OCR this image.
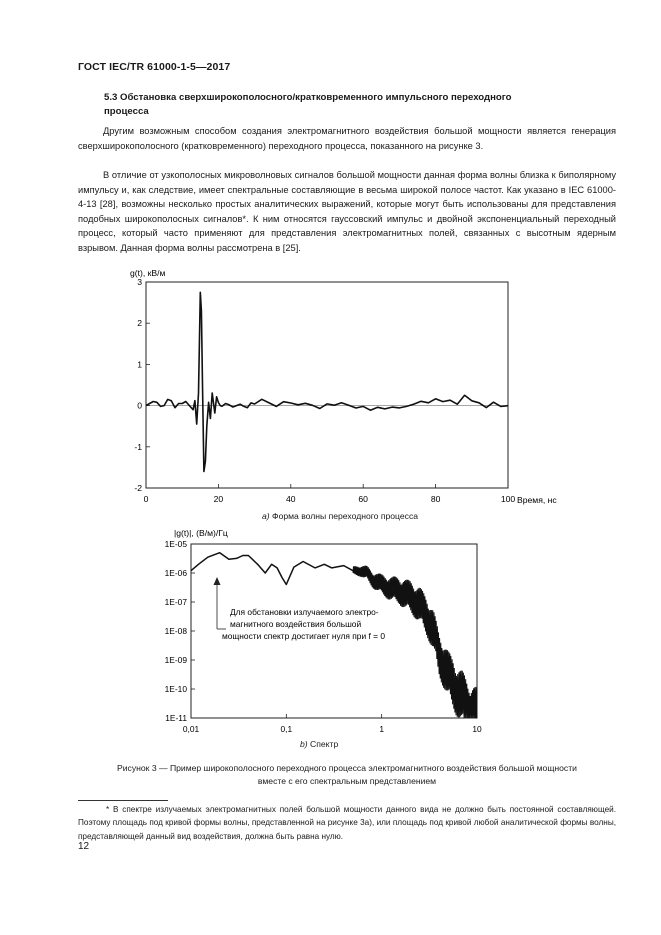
ГОСТ IEC/TR 61000-1-5—2017
5.3 Обстановка сверхширокополосного/кратковременного импульсного переходного
процесса
Другим возможным способом создания электромагнитного воздействия большой мощности является генерация сверхширокополосного (кратковременного) переходного процесса, показанного на рисунке 3.
В отличие от узкополосных микроволновых сигналов большой мощности данная форма волны близка к биполярному импульсу и, как следствие, имеет спектральные составляющие в весьма широкой полосе частот. Как указано в IEC 61000-4-13 [28], возможны несколько простых аналитических выражений, которые могут быть использованы для представления подобных широкополосных сигналов*. К ним относятся гауссовский импульс и двойной экспоненциальный переходный процесс, который часто применяют для представления электромагнитных полей, связанных с высотным ядерным взрывом. Данная форма волны рассмотрена в [25].
g(t), кВ/м
3
2
1
0
-1
-2
0	20	40	60	80	100 Время, нс
|g(t)|, (В/м)/Гц
1E-05
1E-06
1E-07
1E-08
1E-09
1E-10
1E-11
0,01	0,1	1	10
Для обстановки излучаемого электро-
магнитного воздействия большой
мощности спектр достигает нуля при f = 0
а) Форма волны переходного процесса
b) Спектр
Рисунок 3 — Пример широкополосного переходного процесса электромагнитного воздействия большой мощности
вместе с его спектральным представлением
* В спектре излучаемых электромагнитных полей большой мощности данного вида не должно быть постоянной составляющей. Поэтому площадь под кривой формы волны, представленной на рисунке 3а), или площадь под кривой любой аналитической формы волны, представляющей данный вид воздействия, должна быть равна нулю.
12
